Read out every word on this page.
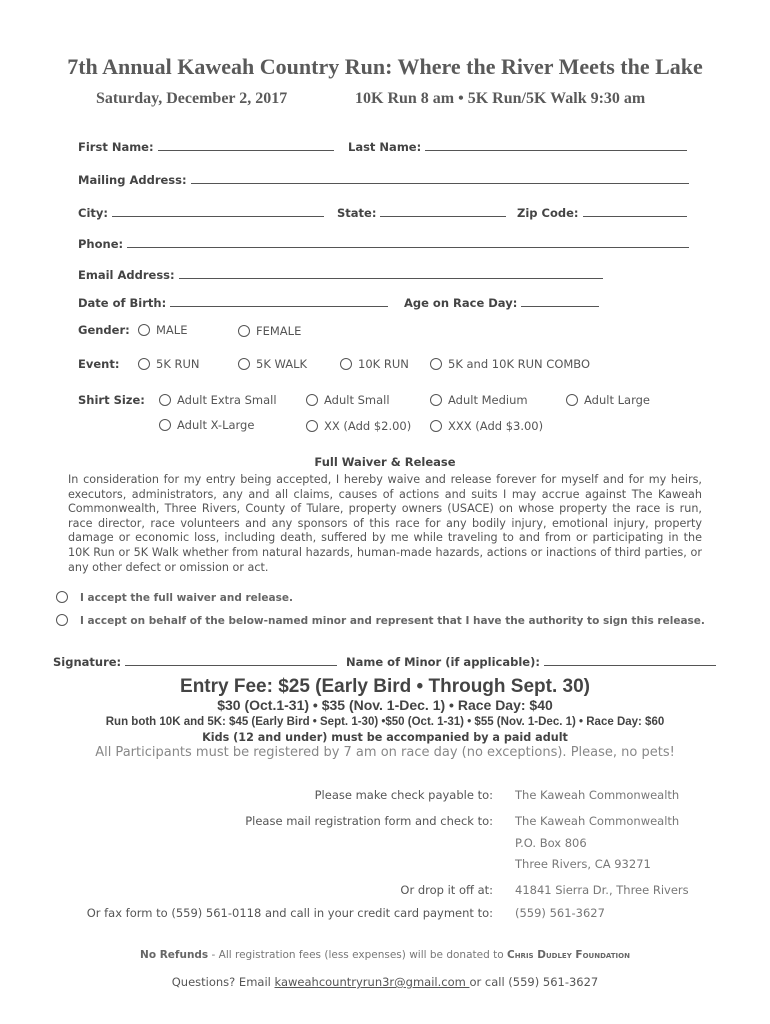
7th Annual Kaweah Country Run: Where the River Meets the Lake
Saturday, December 2, 2017	10K Run 8 am • 5K Run/5K Walk 9:30 am
First Name:	Last Name:
Mailing Address:
City:	State:	Zip Code:
Phone:
Email Address:
Date of Birth:	Age on Race Day:
Gender:	MALE	FEMALE
Event:	5K RUN	5K WALK	10K RUN	5K and 10K RUN COMBO
Shirt Size:	Adult Extra Small	Adult Small	Adult Medium	Adult Large
Adult X-Large	XX (Add $2.00)	XXX (Add $3.00)
Full Waiver & Release
In consideration for my entry being accepted, I hereby waive and release forever for myself and for my heirs, executors, administrators, any and all claims, causes of actions and suits I may accrue against The Kaweah Commonwealth, Three Rivers, County of Tulare, property owners (USACE) on whose property the race is run, race director, race volunteers and any sponsors of this race for any bodily injury, emotional injury, property damage or economic loss, including death, suffered by me while traveling to and from or participating in the 10K Run or 5K Walk whether from natural hazards, human-made hazards, actions or inactions of third parties, or any other defect or omission or act.
I accept the full waiver and release.
I accept on behalf of the below-named minor and represent that I have the authority to sign this release.
Signature:	Name of Minor (if applicable):
Entry Fee: $25 (Early Bird • Through Sept. 30)
$30 (Oct.1-31) • $35 (Nov. 1-Dec. 1) • Race Day: $40
Run both 10K and 5K: $45 (Early Bird • Sept. 1-30) •$50 (Oct. 1-31) • $55 (Nov. 1-Dec. 1) • Race Day: $60
Kids (12 and under) must be accompanied by a paid adult
All Participants must be registered by 7 am on race day (no exceptions). Please, no pets!
Please make check payable to: The Kaweah Commonwealth
Please mail registration form and check to: The Kaweah Commonwealth
P.O. Box 806
Three Rivers, CA 93271
Or drop it off at: 41841 Sierra Dr., Three Rivers
Or fax form to (559) 561-0118 and call in your credit card payment to: (559) 561-3627
No Refunds - All registration fees (less expenses) will be donated to Chris Dudley Foundation
Questions? Email kaweahcountryrun3r@gmail.com or call (559) 561-3627
